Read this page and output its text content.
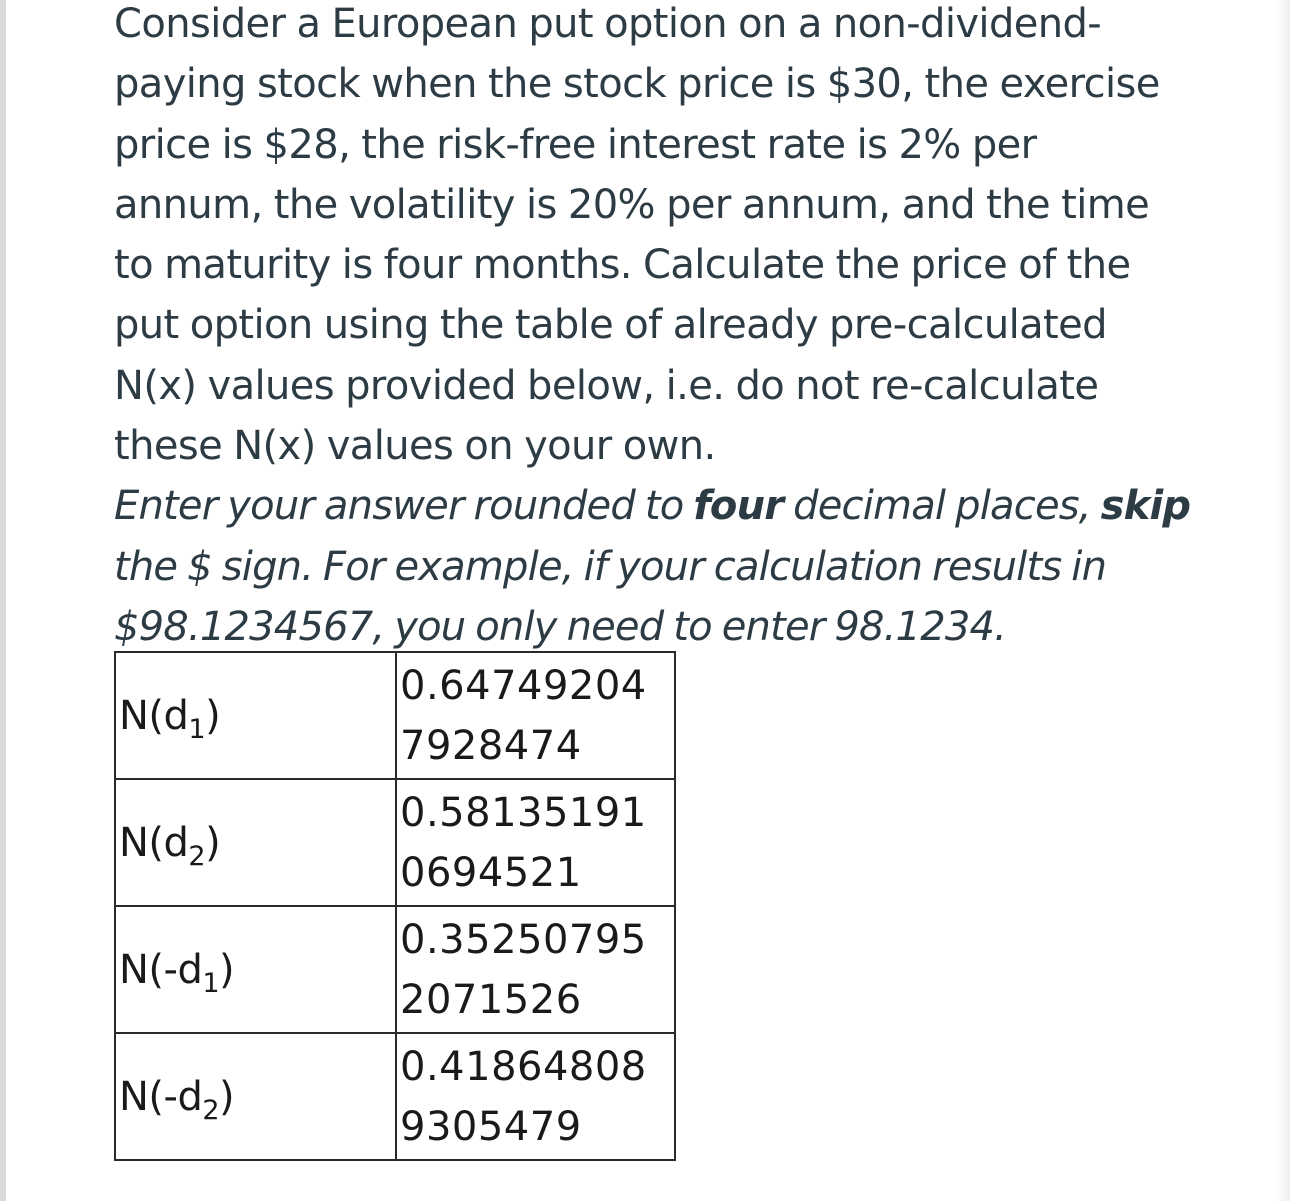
Consider a European put option on a non-dividend-
paying stock when the stock price is $30, the exercise
price is $28, the risk-free interest rate is 2% per
annum, the volatility is 20% per annum, and the time
to maturity is four months. Calculate the price of the
put option using the table of already pre-calculated
N(x) values provided below, i.e. do not re-calculate
these N(x) values on your own.

Enter your answer rounded to four decimal places, skip
the $ sign. For example, if your calculation results in
$98.1234567, you only need to enter 98.1234.

$N(d_1)$	0.64749204
7928474

$N(d_2)$	0.58135191
0694521

$N(-d_1)$	0.35250795
2071526

$N(-d_2)$	0.41864808
9305479
